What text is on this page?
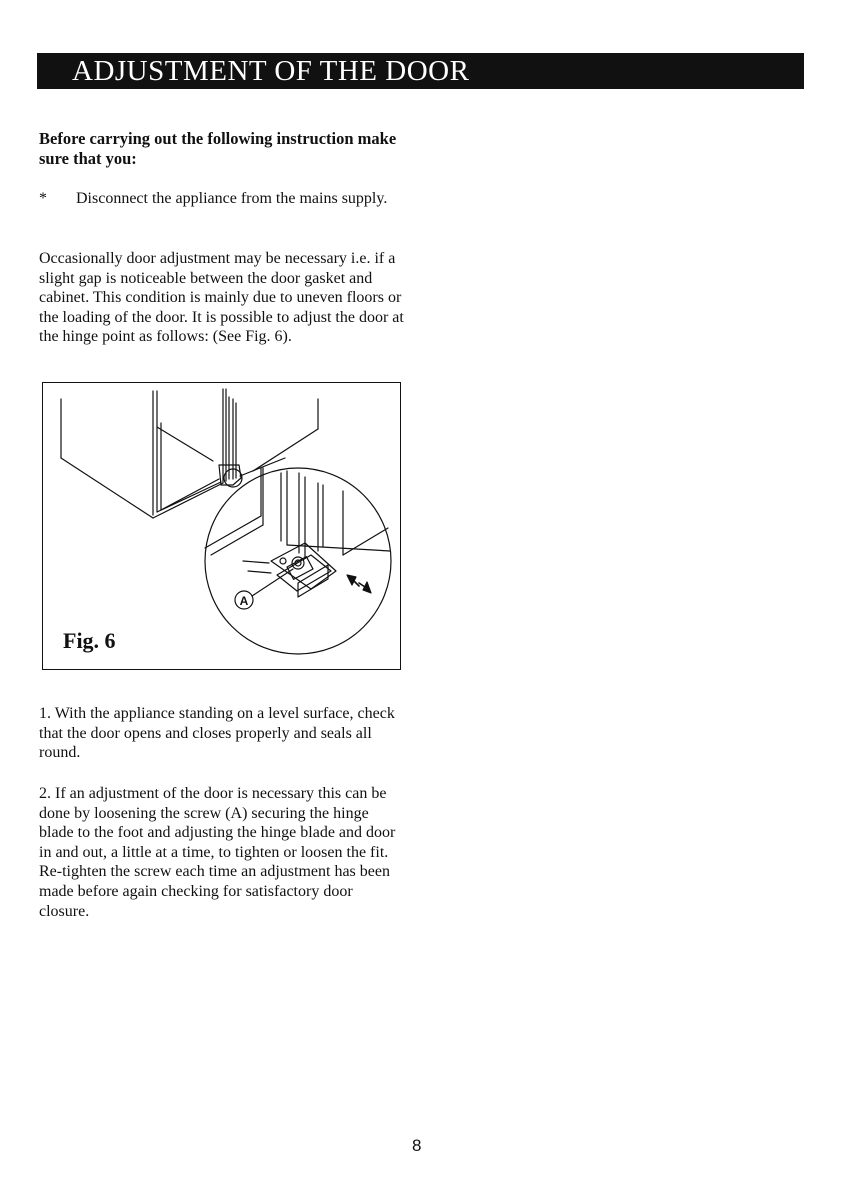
ADJUSTMENT OF THE DOOR
Before carrying out the following instruction make sure that you:
* Disconnect the appliance from the mains supply.
Occasionally door adjustment may be necessary i.e. if a slight gap is noticeable between the door gasket and cabinet. This condition is mainly due to uneven floors or the loading of the door. It is possible to adjust the door at the hinge point as follows: (See Fig. 6).
A
Fig. 6
1. With the appliance standing on a level surface, check that the door opens and closes properly and seals all round.
2. If an adjustment of the door is necessary this can be done by loosening the screw (A) securing the hinge blade to the foot and adjusting the hinge blade and door in and out, a little at a time, to tighten or loosen the fit. Re-tighten the screw each time an adjustment has been made before again checking for satisfactory door closure.
8
